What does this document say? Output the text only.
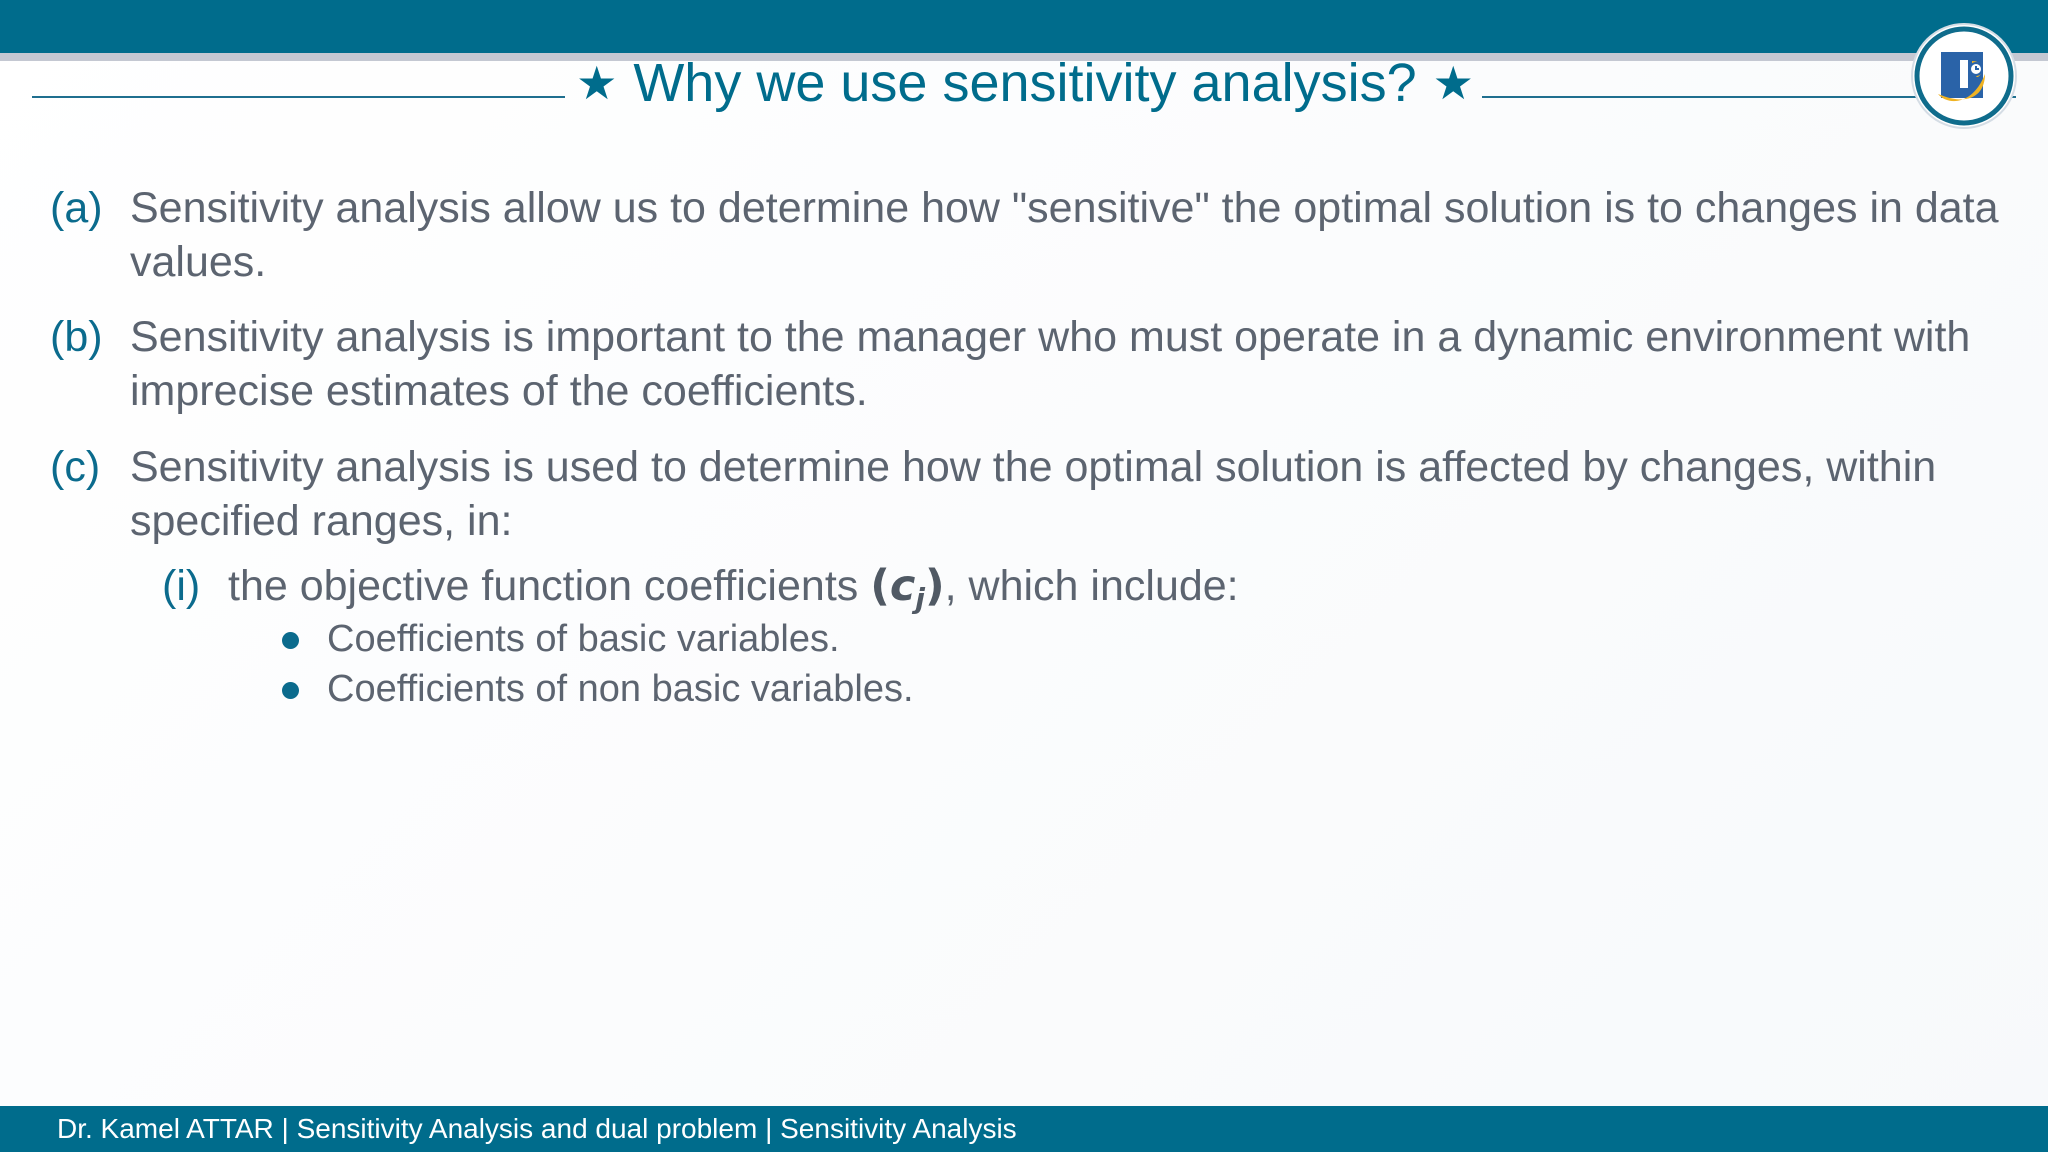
★ Why we use sensitivity analysis? ★
(a) Sensitivity analysis allow us to determine how "sensitive" the optimal solution is to changes in data values.
(b) Sensitivity analysis is important to the manager who must operate in a dynamic environment with imprecise estimates of the coefficients.
(c) Sensitivity analysis is used to determine how the optimal solution is affected by changes, within specified ranges, in:
(i) the objective function coefficients $(c_j)$, which include:
Coefficients of basic variables.
Coefficients of non basic variables.
Dr. Kamel ATTAR | Sensitivity Analysis and dual problem | Sensitivity Analysis
